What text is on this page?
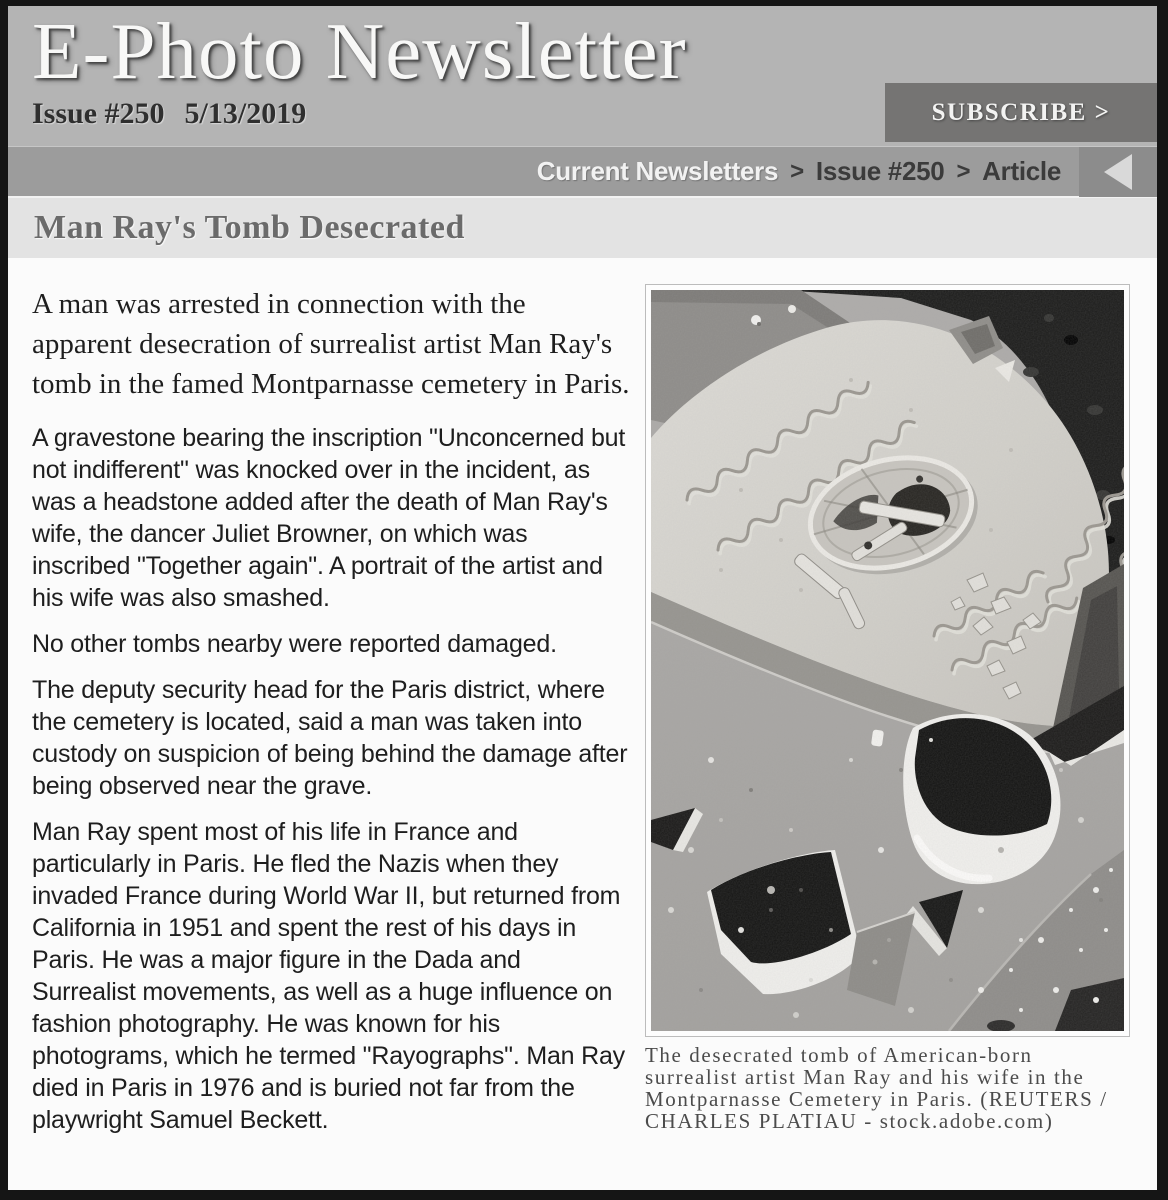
E-Photo Newsletter
Issue #250 5/13/2019	SUBSCRIBE >
Current Newsletters > Issue #250 > Article
Man Ray's Tomb Desecrated

A man was arrested in connection with the apparent desecration of surrealist artist Man Ray's tomb in the famed Montparnasse cemetery in Paris.

A gravestone bearing the inscription "Unconcerned but not indifferent" was knocked over in the incident, as was a headstone added after the death of Man Ray's wife, the dancer Juliet Browner, on which was inscribed "Together again". A portrait of the artist and his wife was also smashed.

No other tombs nearby were reported damaged.

The deputy security head for the Paris district, where the cemetery is located, said a man was taken into custody on suspicion of being behind the damage after being observed near the grave.

Man Ray spent most of his life in France and particularly in Paris. He fled the Nazis when they invaded France during World War II, but returned from California in 1951 and spent the rest of his days in Paris. He was a major figure in the Dada and Surrealist movements, as well as a huge influence on fashion photography. He was known for his photograms, which he termed "Rayographs". Man Ray died in Paris in 1976 and is buried not far from the playwright Samuel Beckett.

The desecrated tomb of American-born surrealist artist Man Ray and his wife in the Montparnasse Cemetery in Paris. (REUTERS / CHARLES PLATIAU - stock.adobe.com)
